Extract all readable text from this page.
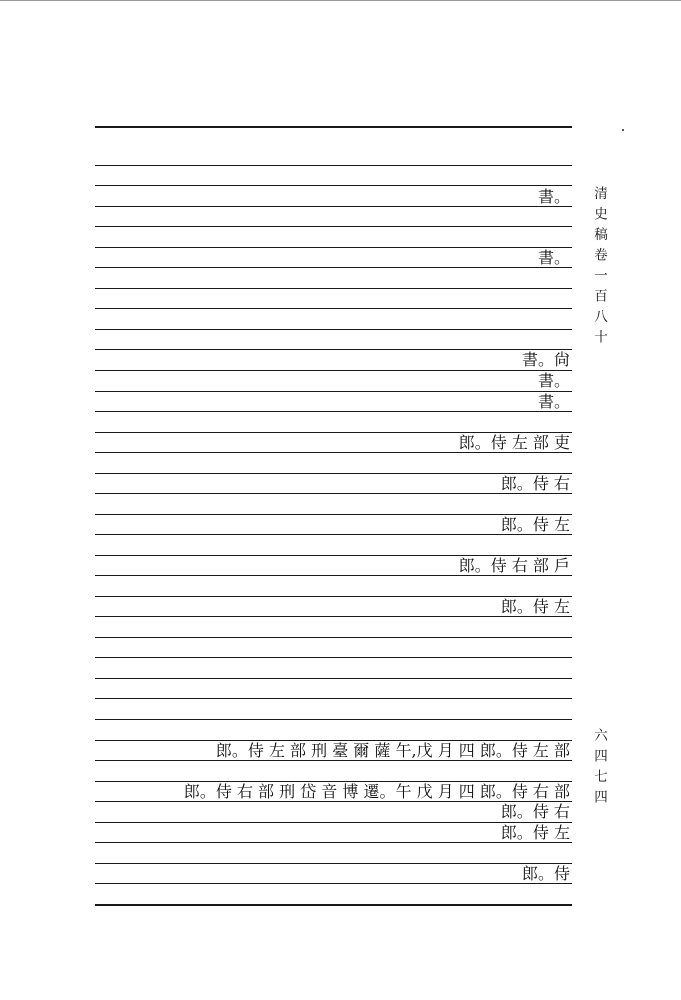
書。
書。
書。尙
書。
書。
郎。侍 左 部 吏
郎。侍 右
郎。侍 左
郎。侍 右 部 戶
郎。侍 左
郎。侍 左 部 刑 臺 爾 薩 午,戊 月 四 郎。侍 左 部
郎。侍 右 部 刑 岱 音 博 遷。午 戊 月 四 郎。侍 右 部
郎。侍 右
郎。侍 左
郎。侍
清史稿卷一百八十
六四七四
